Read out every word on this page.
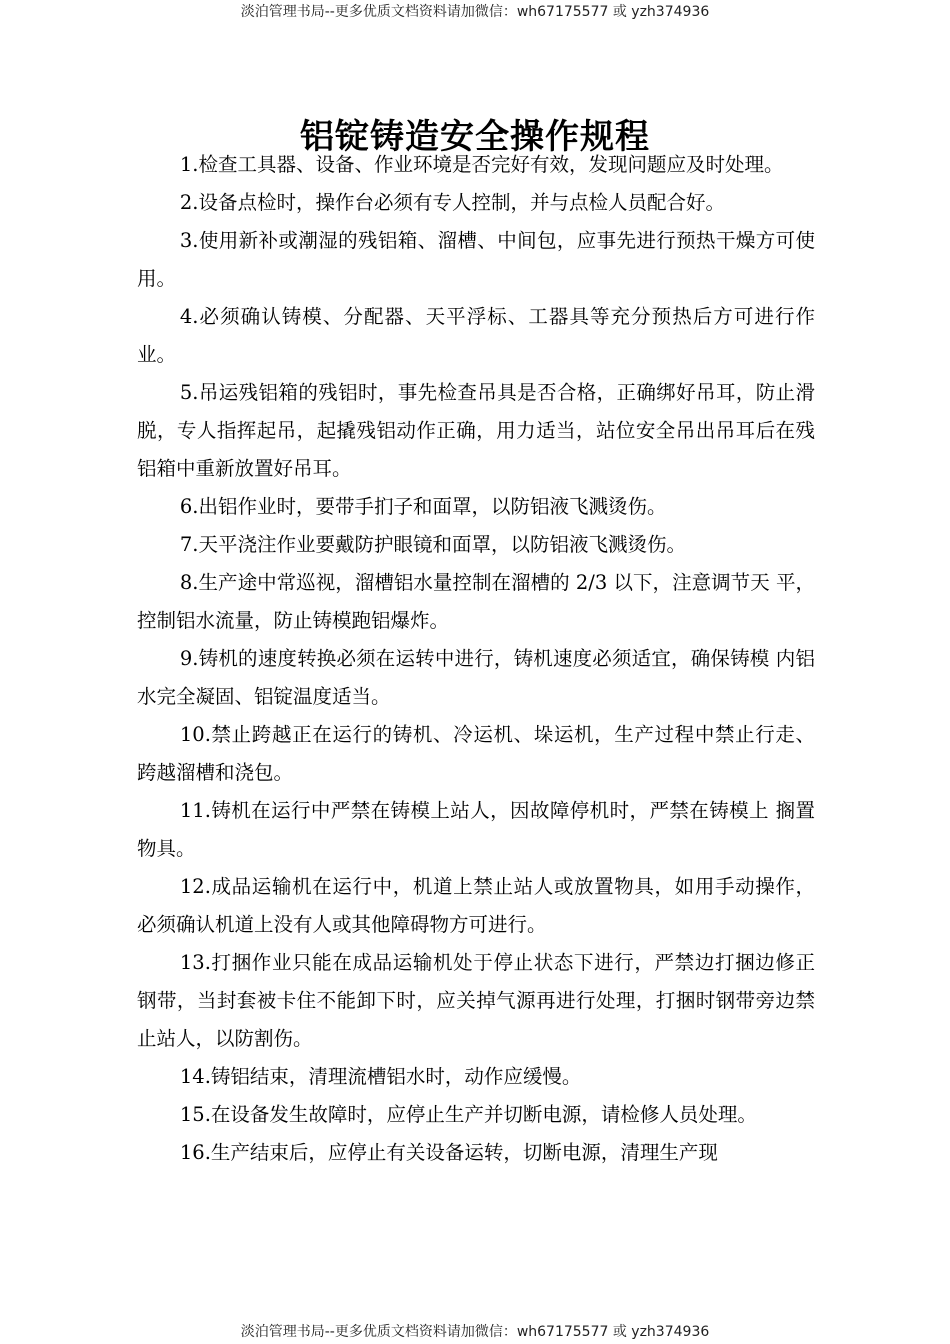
淡泊管理书局--更多优质文档资料请加微信：wh67175577 或 yzh374936
铝锭铸造安全操作规程

1.检查工具器、设备、作业环境是否完好有效，发现问题应及时处理。

2.设备点检时，操作台必须有专人控制，并与点检人员配合好。

3.使用新补或潮湿的残铝箱、溜槽、中间包，应事先进行预热干燥方可使用。

4.必须确认铸模、分配器、天平浮标、工器具等充分预热后方可进行作业。

5.吊运残铝箱的残铝时，事先检查吊具是否合格，正确绑好吊耳，防止滑脱，专人指挥起吊，起撬残铝动作正确，用力适当，站位安全吊出吊耳后在残铝箱中重新放置好吊耳。

6.出铝作业时，要带手扪子和面罩，以防铝液飞溅烫伤。

7.天平浇注作业要戴防护眼镜和面罩，以防铝液飞溅烫伤。

8.生产途中常巡视，溜槽铝水量控制在溜槽的 2/3 以下，注意调节天 平，控制铝水流量，防止铸模跑铝爆炸。

9.铸机的速度转换必须在运转中进行，铸机速度必须适宜，确保铸模 内铝水完全凝固、铝锭温度适当。

10.禁止跨越正在运行的铸机、冷运机、垛运机，生产过程中禁止行走、跨越溜槽和浇包。

11.铸机在运行中严禁在铸模上站人，因故障停机时，严禁在铸模上 搁置物具。

12.成品运输机在运行中，机道上禁止站人或放置物具，如用手动操作，必须确认机道上没有人或其他障碍物方可进行。

13.打捆作业只能在成品运输机处于停止状态下进行，严禁边打捆边修正钢带，当封套被卡住不能卸下时，应关掉气源再进行处理，打捆时钢带旁边禁止站人，以防割伤。

14.铸铝结束，清理流槽铝水时，动作应缓慢。

15.在设备发生故障时，应停止生产并切断电源，请检修人员处理。

16.生产结束后，应停止有关设备运转，切断电源，清理生产现

淡泊管理书局--更多优质文档资料请加微信：wh67175577 或 yzh374936
